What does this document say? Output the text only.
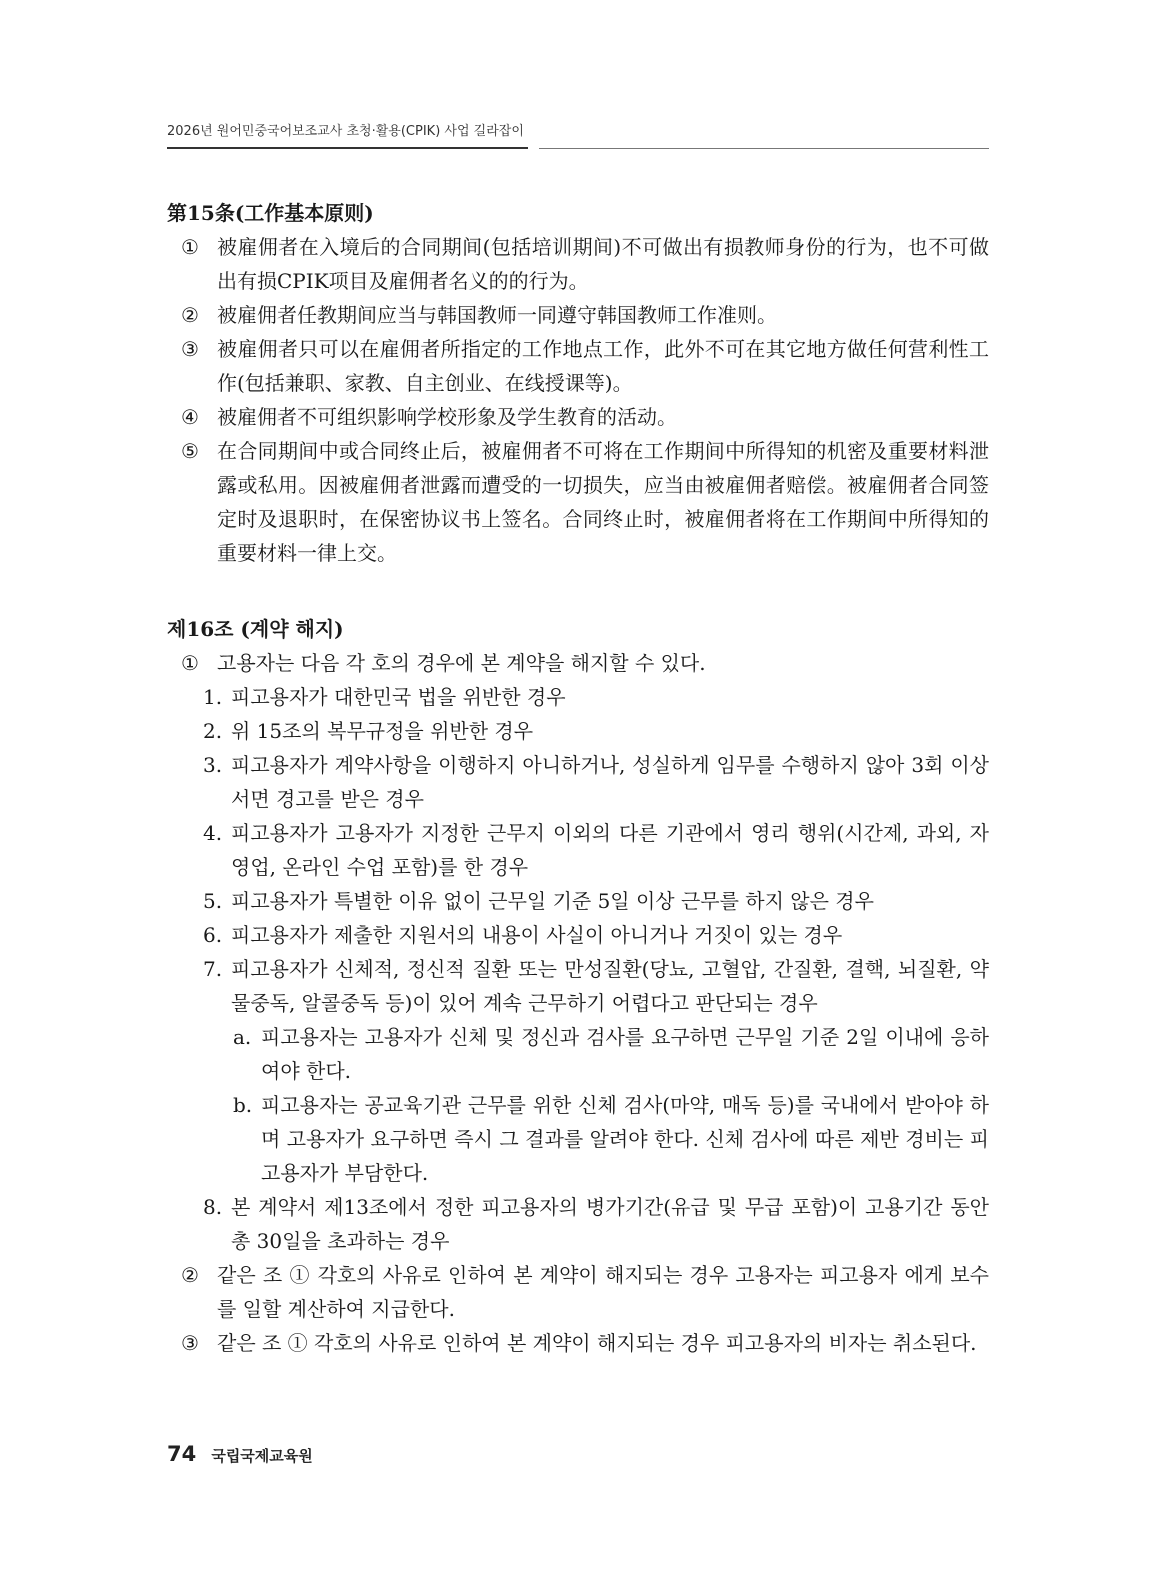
2026년 원어민중국어보조교사 초청·활용(CPIK) 사업 길라잡이

第15条(工作基本原则)

① 被雇佣者在入境后的合同期间(包括培训期间)不可做出有损教师身份的行为，也不可做出有损CPIK项目及雇佣者名义的的行为。
② 被雇佣者任教期间应当与韩国教师一同遵守韩国教师工作准则。
③ 被雇佣者只可以在雇佣者所指定的工作地点工作，此外不可在其它地方做任何营利性工作(包括兼职、家教、自主创业、在线授课等)。
④ 被雇佣者不可组织影响学校形象及学生教育的活动。
⑤ 在合同期间中或合同终止后，被雇佣者不可将在工作期间中所得知的机密及重要材料泄露或私用。因被雇佣者泄露而遭受的一切损失，应当由被雇佣者赔偿。被雇佣者合同签定时及退职时，在保密协议书上签名。合同终止时，被雇佣者将在工作期间中所得知的重要材料一律上交。

제16조 (계약 해지)

① 고용자는 다음 각 호의 경우에 본 계약을 해지할 수 있다.
1. 피고용자가 대한민국 법을 위반한 경우
2. 위 15조의 복무규정을 위반한 경우
3. 피고용자가 계약사항을 이행하지 아니하거나, 성실하게 임무를 수행하지 않아 3회 이상 서면 경고를 받은 경우
4. 피고용자가 고용자가 지정한 근무지 이외의 다른 기관에서 영리 행위(시간제, 과외, 자영업, 온라인 수업 포함)를 한 경우
5. 피고용자가 특별한 이유 없이 근무일 기준 5일 이상 근무를 하지 않은 경우
6. 피고용자가 제출한 지원서의 내용이 사실이 아니거나 거짓이 있는 경우
7. 피고용자가 신체적, 정신적 질환 또는 만성질환(당뇨, 고혈압, 간질환, 결핵, 뇌질환, 약물중독, 알콜중독 등)이 있어 계속 근무하기 어렵다고 판단되는 경우
a. 피고용자는 고용자가 신체 및 정신과 검사를 요구하면 근무일 기준 2일 이내에 응하여야 한다.
b. 피고용자는 공교육기관 근무를 위한 신체 검사(마약, 매독 등)를 국내에서 받아야 하며 고용자가 요구하면 즉시 그 결과를 알려야 한다. 신체 검사에 따른 제반 경비는 피고용자가 부담한다.
8. 본 계약서 제13조에서 정한 피고용자의 병가기간(유급 및 무급 포함)이 고용기간 동안 총 30일을 초과하는 경우
② 같은 조 ① 각호의 사유로 인하여 본 계약이 해지되는 경우 고용자는 피고용자 에게 보수를 일할 계산하여 지급한다.
③ 같은 조 ① 각호의 사유로 인하여 본 계약이 해지되는 경우 피고용자의 비자는 취소된다.
74 국립국제교육원
